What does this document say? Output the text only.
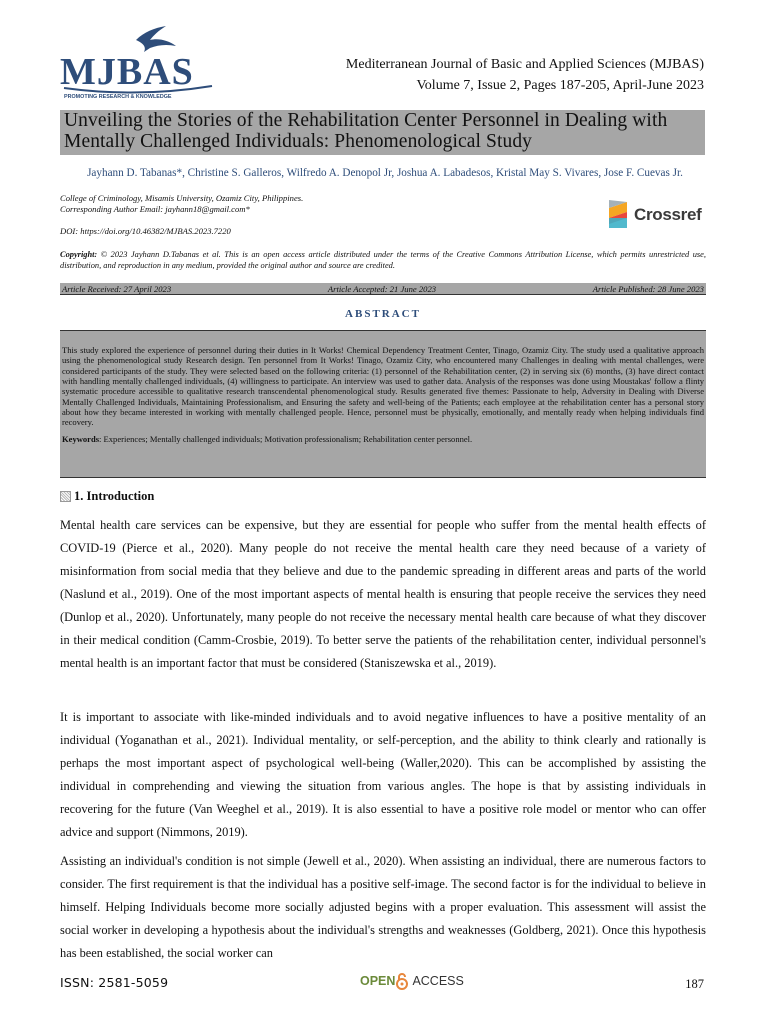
MJBAS
PROMOTING RESEARCH & KNOWLEDGE
Mediterranean Journal of Basic and Applied Sciences (MJBAS)
Volume 7, Issue 2, Pages 187-205, April-June 2023
Unveiling the Stories of the Rehabilitation Center Personnel in Dealing with Mentally Challenged Individuals: Phenomenological Study
Jayhann D. Tabanas*, Christine S. Galleros, Wilfredo A. Denopol Jr, Joshua A. Labadesos, Kristal May S. Vivares, Jose F. Cuevas Jr.
College of Criminology, Misamis University, Ozamiz City, Philippines.
Corresponding Author Email: jayhann18@gmail.com*
DOI: https://doi.org/10.46382/MJBAS.2023.7220
Crossref
Copyright: © 2023 Jayhann D.Tabanas et al. This is an open access article distributed under the terms of the Creative Commons Attribution License, which permits unrestricted use, distribution, and reproduction in any medium, provided the original author and source are credited.
Article Received: 27 April 2023	Article Accepted: 21 June 2023	Article Published: 28 June 2023
ABSTRACT
This study explored the experience of personnel during their duties in It Works! Chemical Dependency Treatment Center, Tinago, Ozamiz City. The study used a qualitative approach using the phenomenological study Research design. Ten personnel from It Works! Tinago, Ozamiz City, who encountered many Challenges in dealing with mental challenges, were considered participants of the study. They were selected based on the following criteria: (1) personnel of the Rehabilitation center, (2) in serving six (6) months, (3) have direct contact with handling mentally challenged individuals, (4) willingness to participate. An interview was used to gather data. Analysis of the responses was done using Moustakas' follow a flinty systematic procedure accessible to qualitative research transcendental phenomenological study. Results generated five themes: Passionate to help, Adversity in Dealing with Diverse Mentally Challenged Individuals, Maintaining Professionalism, and Ensuring the safety and well-being of the Patients; each employee at the rehabilitation center has a personal story about how they became interested in working with mentally challenged people. Hence, personnel must be physically, emotionally, and mentally ready when helping individuals find recovery.
Keywords: Experiences; Mentally challenged individuals; Motivation professionalism; Rehabilitation center personnel.
1. Introduction
Mental health care services can be expensive, but they are essential for people who suffer from the mental health effects of COVID-19 (Pierce et al., 2020). Many people do not receive the mental health care they need because of a variety of misinformation from social media that they believe and due to the pandemic spreading in different areas and parts of the world (Naslund et al., 2019). One of the most important aspects of mental health is ensuring that people receive the services they need (Dunlop et al., 2020). Unfortunately, many people do not receive the necessary mental health care because of what they discover in their medical condition (Camm-Crosbie, 2019). To better serve the patients of the rehabilitation center, individual personnel's mental health is an important factor that must be considered (Staniszewska et al., 2019).
It is important to associate with like-minded individuals and to avoid negative influences to have a positive mentality of an individual (Yoganathan et al., 2021). Individual mentality, or self-perception, and the ability to think clearly and rationally is perhaps the most important aspect of psychological well-being (Waller,2020). This can be accomplished by assisting the individual in comprehending and viewing the situation from various angles. The hope is that by assisting individuals in recovering for the future (Van Weeghel et al., 2019). It is also essential to have a positive role model or mentor who can offer advice and support (Nimmons, 2019).
Assisting an individual's condition is not simple (Jewell et al., 2020). When assisting an individual, there are numerous factors to consider. The first requirement is that the individual has a positive self-image. The second factor is for the individual to believe in himself. Helping Individuals become more socially adjusted begins with a proper evaluation. This assessment will assist the social worker in developing a hypothesis about the individual's strengths and weaknesses (Goldberg, 2021). Once this hypothesis has been established, the social worker can
ISSN: 2581-5059	OPEN ACCESS	187
